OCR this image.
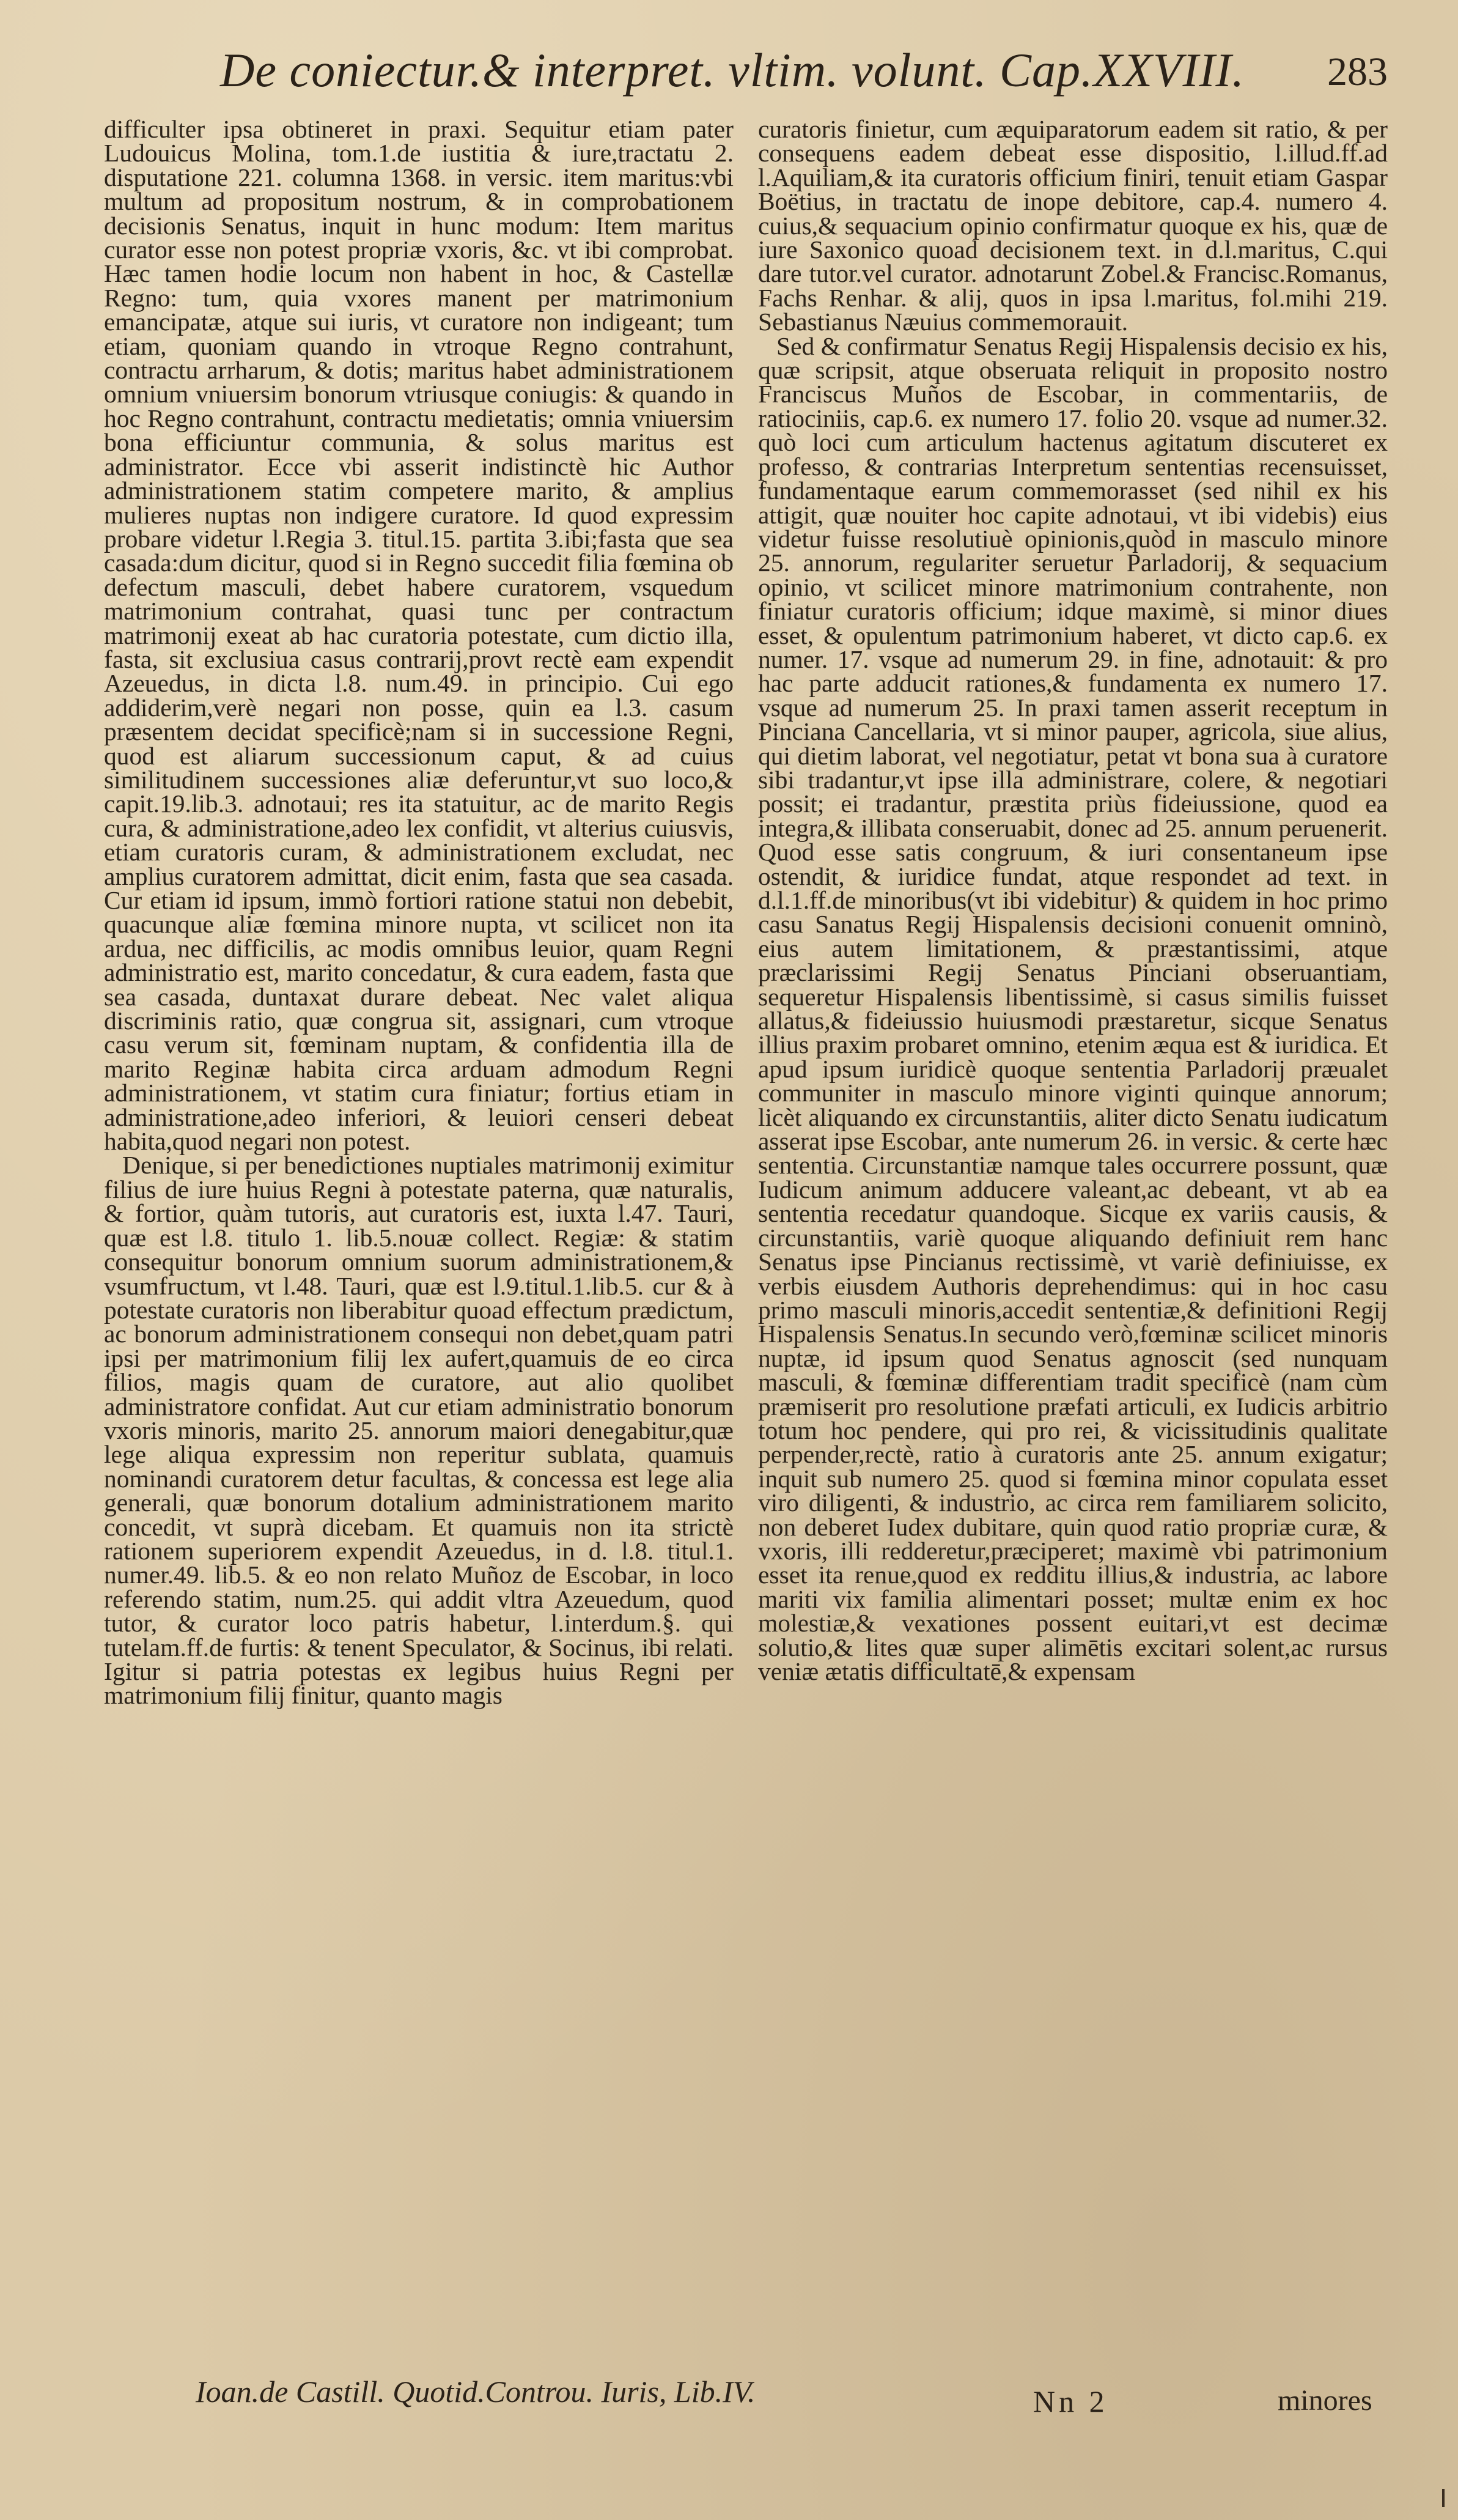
De coniectur.& interpret. vltim. volunt. Cap.XXVIII. 283

difficulter ipsa obtineret in praxi. Sequitur etiam pater Ludouicus Molina, tom.1.de iustitia & iure,tractatu 2. disputatione 221. columna 1368. in versic. item maritus:vbi multum ad propositum nostrum, & in comprobationem decisionis Senatus, inquit in hunc modum: Item maritus curator esse non potest propriæ vxoris, &c. vt ibi comprobat. Hæc tamen hodie locum non habent in hoc, & Castellæ Regno: tum, quia vxores manent per matrimonium emancipatæ, atque sui iuris, vt curatore non indigeant; tum etiam, quoniam quando in vtroque Regno contrahunt, contractu arrharum, & dotis; maritus habet administrationem omnium vniuersim bonorum vtriusque coniugis: & quando in hoc Regno contrahunt, contractu medietatis; omnia vniuersim bona efficiuntur communia, & solus maritus est administrator. Ecce vbi asserit indistinctè hic Author administrationem statim competere marito, & amplius mulieres nuptas non indigere curatore. Id quod expressim probare videtur l.Regia 3. titul.15. partita 3.ibi;fasta que sea casada:dum dicitur, quod si in Regno succedit filia fœmina ob defectum masculi, debet habere curatorem, vsquedum matrimonium contrahat, quasi tunc per contractum matrimonij exeat ab hac curatoria potestate, cum dictio illa, fasta, sit exclusiua casus contrarij,provt rectè eam expendit Azeuedus, in dicta l.8. num.49. in principio. Cui ego addiderim,verè negari non posse, quin ea l.3. casum præsentem decidat specificè;nam si in successione Regni, quod est aliarum successionum caput, & ad cuius similitudinem successiones aliæ deferuntur,vt suo loco,& capit.19.lib.3. adnotaui; res ita statuitur, ac de marito Regis cura, & administratione,adeo lex confidit, vt alterius cuiusvis, etiam curatoris curam, & administrationem excludat, nec amplius curatorem admittat, dicit enim, fasta que sea casada. Cur etiam id ipsum, immò fortiori ratione statui non debebit, quacunque aliæ fœmina minore nupta, vt scilicet non ita ardua, nec difficilis, ac modis omnibus leuior, quam Regni administratio est, marito concedatur, & cura eadem, fasta que sea casada, duntaxat durare debeat. Nec valet aliqua discriminis ratio, quæ congrua sit, assignari, cum vtroque casu verum sit, fœminam nuptam, & confidentia illa de marito Reginæ habita circa arduam admodum Regni administrationem, vt statim cura finiatur; fortius etiam in administratione,adeo inferiori, & leuiori censeri debeat habita,quod negari non potest.

Denique, si per benedictiones nuptiales matrimonij eximitur filius de iure huius Regni à potestate paterna, quæ naturalis, & fortior, quàm tutoris, aut curatoris est, iuxta l.47. Tauri, quæ est l.8. titulo 1. lib.5.nouæ collect. Regiæ: & statim consequitur bonorum omnium suorum administrationem,& vsumfructum, vt l.48. Tauri, quæ est l.9.titul.1.lib.5. cur & à potestate curatoris non liberabitur quoad effectum prædictum, ac bonorum administrationem consequi non debet,quam patri ipsi per matrimonium filij lex aufert,quamuis de eo circa filios, magis quam de curatore, aut alio quolibet administratore confidat. Aut cur etiam administratio bonorum vxoris minoris, marito 25. annorum maiori denegabitur,quæ lege aliqua expressim non reperitur sublata, quamuis nominandi curatorem detur facultas, & concessa est lege alia generali, quæ bonorum dotalium administrationem marito concedit, vt suprà dicebam. Et quamuis non ita strictè rationem superiorem expendit Azeuedus, in d. l.8. titul.1. numer.49. lib.5. & eo non relato Muñoz de Escobar, in loco referendo statim, num.25. qui addit vltra Azeuedum, quod tutor, & curator loco patris habetur, l.interdum.§. qui tutelam.ff.de furtis: & tenent Speculator, & Socinus, ibi relati. Igitur si patria potestas ex legibus huius Regni per matrimonium filij finitur, quanto magis

curatoris finietur, cum æquiparatorum eadem sit ratio, & per consequens eadem debeat esse dispositio, l.illud.ff.ad l.Aquiliam,& ita curatoris officium finiri, tenuit etiam Gaspar Boëtius, in tractatu de inope debitore, cap.4. numero 4. cuius,& sequacium opinio confirmatur quoque ex his, quæ de iure Saxonico quoad decisionem text. in d.l.maritus, C.qui dare tutor.vel curator. adnotarunt Zobel.& Francisc.Romanus, Fachs Renhar. & alij, quos in ipsa l.maritus, fol.mihi 219. Sebastianus Næuius commemorauit.

Sed & confirmatur Senatus Regij Hispalensis decisio ex his, quæ scripsit, atque obseruata reliquit in proposito nostro Franciscus Muños de Escobar, in commentariis, de ratiociniis, cap.6. ex numero 17. folio 20. vsque ad numer.32. quò loci cum articulum hactenus agitatum discuteret ex professo, & contrarias Interpretum sententias recensuisset, fundamentaque earum commemorasset (sed nihil ex his attigit, quæ nouiter hoc capite adnotaui, vt ibi videbis) eius videtur fuisse resolutiuè opinionis,quòd in masculo minore 25. annorum, regulariter seruetur Parladorij, & sequacium opinio, vt scilicet minore matrimonium contrahente, non finiatur curatoris officium; idque maximè, si minor diues esset, & opulentum patrimonium haberet, vt dicto cap.6. ex numer. 17. vsque ad numerum 29. in fine, adnotauit: & pro hac parte adducit rationes,& fundamenta ex numero 17. vsque ad numerum 25. In praxi tamen asserit receptum in Pinciana Cancellaria, vt si minor pauper, agricola, siue alius, qui dietim laborat, vel negotiatur, petat vt bona sua à curatore sibi tradantur,vt ipse illa administrare, colere, & negotiari possit; ei tradantur, præstita priùs fideiussione, quod ea integra,& illibata conseruabit, donec ad 25. annum peruenerit. Quod esse satis congruum, & iuri consentaneum ipse ostendit, & iuridice fundat, atque respondet ad text. in d.l.1.ff.de minoribus(vt ibi videbitur) & quidem in hoc primo casu Sanatus Regij Hispalensis decisioni conuenit omninò, eius autem limitationem, & præstantissimi, atque præclarissimi Regij Senatus Pinciani obseruantiam, sequeretur Hispalensis libentissimè, si casus similis fuisset allatus,& fideiussio huiusmodi præstaretur, sicque Senatus illius praxim probaret omnino, etenim æqua est & iuridica. Et apud ipsum iuridicè quoque sententia Parladorij præualet communiter in masculo minore viginti quinque annorum; licèt aliquando ex circunstantiis, aliter dicto Senatu iudicatum asserat ipse Escobar, ante numerum 26. in versic. & certe hæc sententia. Circunstantiæ namque tales occurrere possunt, quæ Iudicum animum adducere valeant,ac debeant, vt ab ea sententia recedatur quandoque. Sicque ex variis causis, & circunstantiis, variè quoque aliquando definiuit rem hanc Senatus ipse Pincianus rectissimè, vt variè definiuisse, ex verbis eiusdem Authoris deprehendimus: qui in hoc casu primo masculi minoris,accedit sententiæ,& definitioni Regij Hispalensis Senatus.In secundo verò,fœminæ scilicet minoris nuptæ, id ipsum quod Senatus agnoscit (sed nunquam masculi, & fœminæ differentiam tradit specificè (nam cùm præmiserit pro resolutione præfati articuli, ex Iudicis arbitrio totum hoc pendere, qui pro rei, & vicissitudinis qualitate perpender,rectè, ratio à curatoris ante 25. annum exigatur; inquit sub numero 25. quod si fœmina minor copulata esset viro diligenti, & industrio, ac circa rem familiarem solicito, non deberet Iudex dubitare, quin quod ratio propriæ curæ, & vxoris, illi redderetur,præciperet; maximè vbi patrimonium esset ita renue,quod ex redditu illius,& industria, ac labore mariti vix familia alimentari posset; multæ enim ex hoc molestiæ,& vexationes possent euitari,vt est decimæ solutio,& lites quæ super alimētis excitari solent,ac rursus veniæ ætatis difficultatē,& expensam

Ioan.de Castill. Quotid.Controu. Iuris, Lib.IV.	Nn 2	minores
